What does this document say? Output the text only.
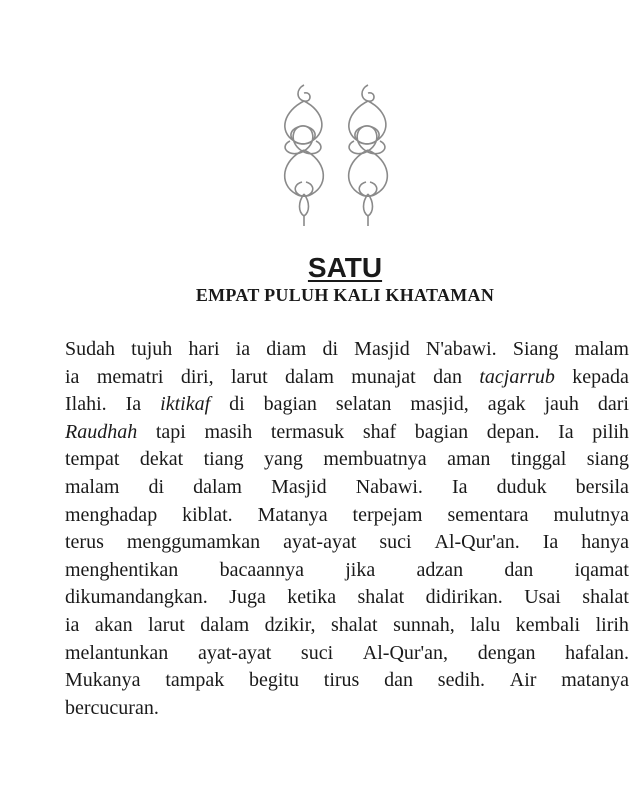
SATU
EMPAT PULUH KALI KHATAMAN
Sudah tujuh hari ia diam di Masjid N'abawi. Siang malam
ia mematri diri, larut dalam munajat dan tacjarrub kepada
Ilahi. Ia iktikaf di bagian selatan masjid, agak jauh dari
Raudhah tapi masih termasuk shaf bagian depan. Ia pilih
tempat dekat tiang yang membuatnya aman tinggal siang
malam di dalam Masjid Nabawi. Ia duduk bersila
menghadap kiblat. Matanya terpejam sementara mulutnya
terus menggumamkan ayat-ayat suci Al-Qur'an. Ia hanya
menghentikan bacaannya jika adzan dan iqamat
dikumandangkan. Juga ketika shalat didirikan. Usai shalat
ia akan larut dalam dzikir, shalat sunnah, lalu kembali lirih
melantunkan ayat-ayat suci Al-Qur'an, dengan hafalan.
Mukanya tampak begitu tirus dan sedih. Air matanya
bercucuran.
